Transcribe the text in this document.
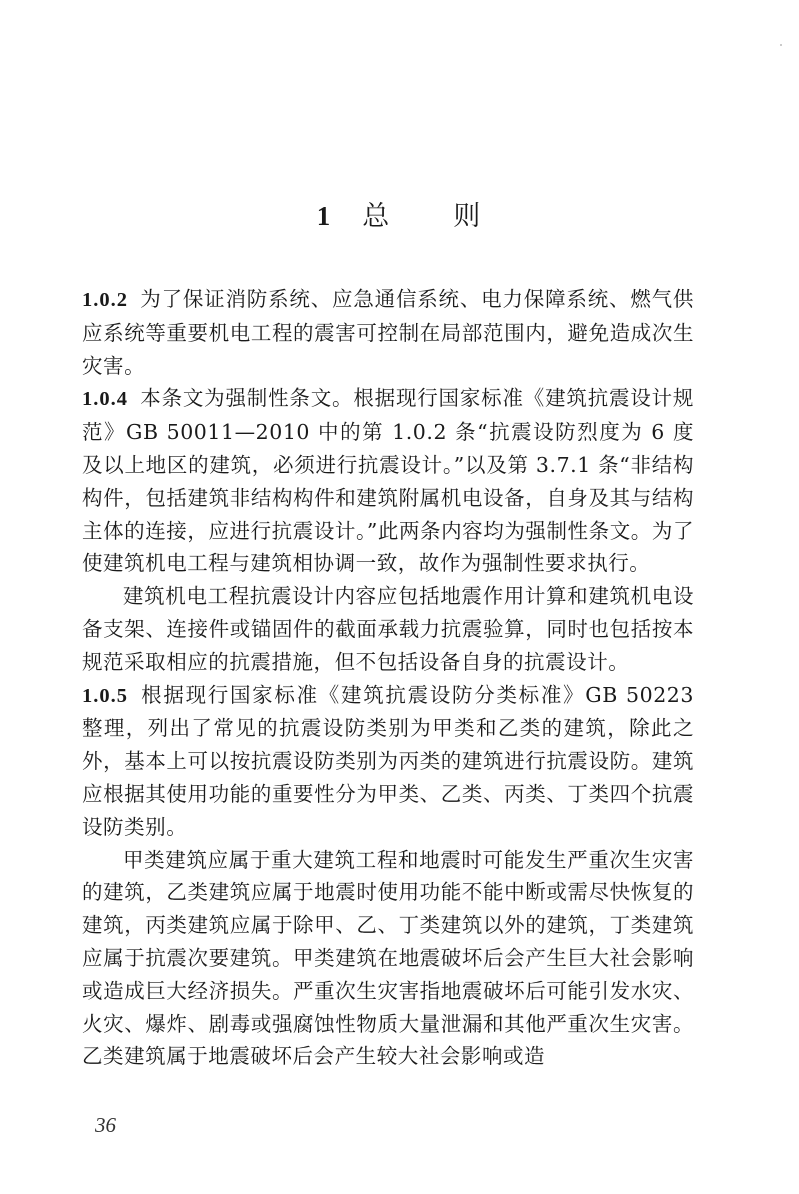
1 总 则

1.0.2 为了保证消防系统、应急通信系统、电力保障系统、燃气供应系统等重要机电工程的震害可控制在局部范围内，避免造成次生灾害。

1.0.4 本条文为强制性条文。根据现行国家标准《建筑抗震设计规范》GB 50011—2010 中的第 1.0.2 条“抗震设防烈度为 6 度及以上地区的建筑，必须进行抗震设计。”以及第 3.7.1 条“非结构构件，包括建筑非结构构件和建筑附属机电设备，自身及其与结构主体的连接，应进行抗震设计。”此两条内容均为强制性条文。为了使建筑机电工程与建筑相协调一致，故作为强制性要求执行。

建筑机电工程抗震设计内容应包括地震作用计算和建筑机电设备支架、连接件或锚固件的截面承载力抗震验算，同时也包括按本规范采取相应的抗震措施，但不包括设备自身的抗震设计。

1.0.5 根据现行国家标准《建筑抗震设防分类标准》GB 50223 整理，列出了常见的抗震设防类别为甲类和乙类的建筑，除此之外，基本上可以按抗震设防类别为丙类的建筑进行抗震设防。建筑应根据其使用功能的重要性分为甲类、乙类、丙类、丁类四个抗震设防类别。

甲类建筑应属于重大建筑工程和地震时可能发生严重次生灾害的建筑，乙类建筑应属于地震时使用功能不能中断或需尽快恢复的建筑，丙类建筑应属于除甲、乙、丁类建筑以外的建筑，丁类建筑应属于抗震次要建筑。甲类建筑在地震破坏后会产生巨大社会影响或造成巨大经济损失。严重次生灾害指地震破坏后可能引发水灾、火灾、爆炸、剧毒或强腐蚀性物质大量泄漏和其他严重次生灾害。乙类建筑属于地震破坏后会产生较大社会影响或造

36
